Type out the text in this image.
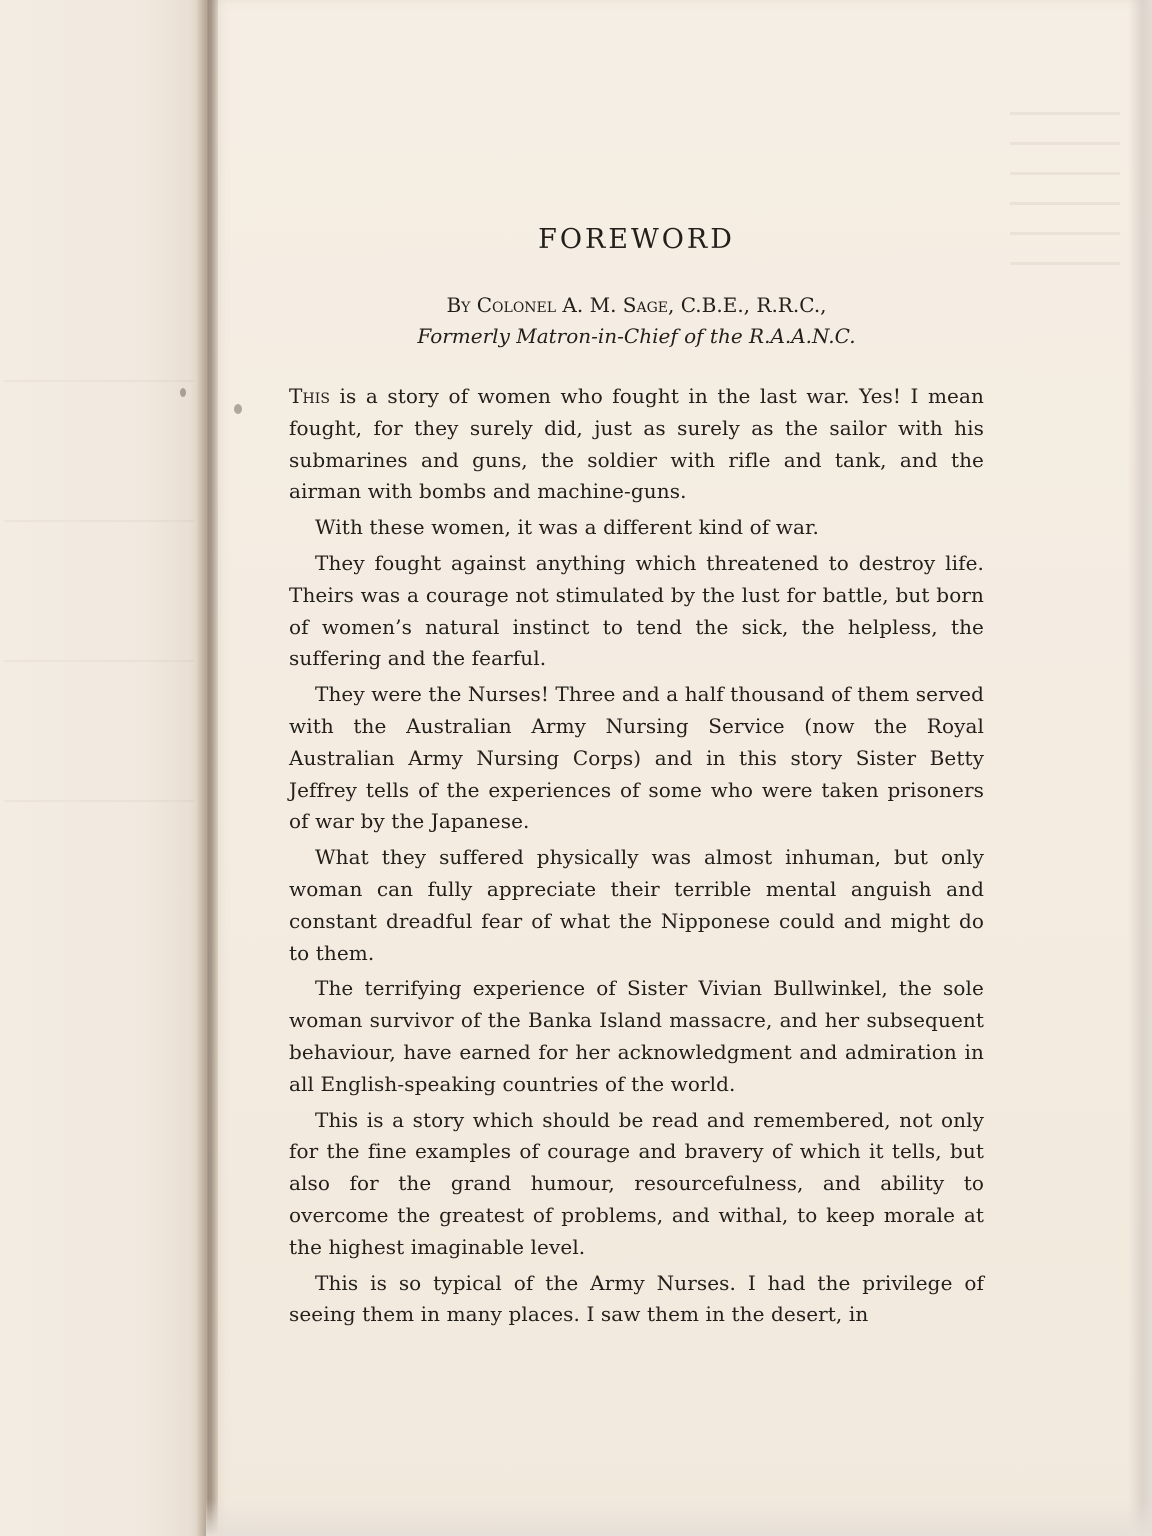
FOREWORD
By Colonel A. M. Sage, C.B.E., R.R.C.,
Formerly Matron-in-Chief of the R.A.A.N.C.

This is a story of women who fought in the last war. Yes! I mean fought, for they surely did, just as surely as the sailor with his submarines and guns, the soldier with rifle and tank, and the airman with bombs and machine-guns.

With these women, it was a different kind of war.

They fought against anything which threatened to destroy life. Theirs was a courage not stimulated by the lust for battle, but born of women’s natural instinct to tend the sick, the helpless, the suffering and the fearful.

They were the Nurses! Three and a half thousand of them served with the Australian Army Nursing Service (now the Royal Australian Army Nursing Corps) and in this story Sister Betty Jeffrey tells of the experiences of some who were taken prisoners of war by the Japanese.

What they suffered physically was almost inhuman, but only woman can fully appreciate their terrible mental anguish and constant dreadful fear of what the Nipponese could and might do to them.

The terrifying experience of Sister Vivian Bullwinkel, the sole woman survivor of the Banka Island massacre, and her subsequent behaviour, have earned for her acknowledgment and admiration in all English-speaking countries of the world.

This is a story which should be read and remembered, not only for the fine examples of courage and bravery of which it tells, but also for the grand humour, resourcefulness, and ability to overcome the greatest of problems, and withal, to keep morale at the highest imaginable level.

This is so typical of the Army Nurses. I had the privilege of seeing them in many places. I saw them in the desert, in
